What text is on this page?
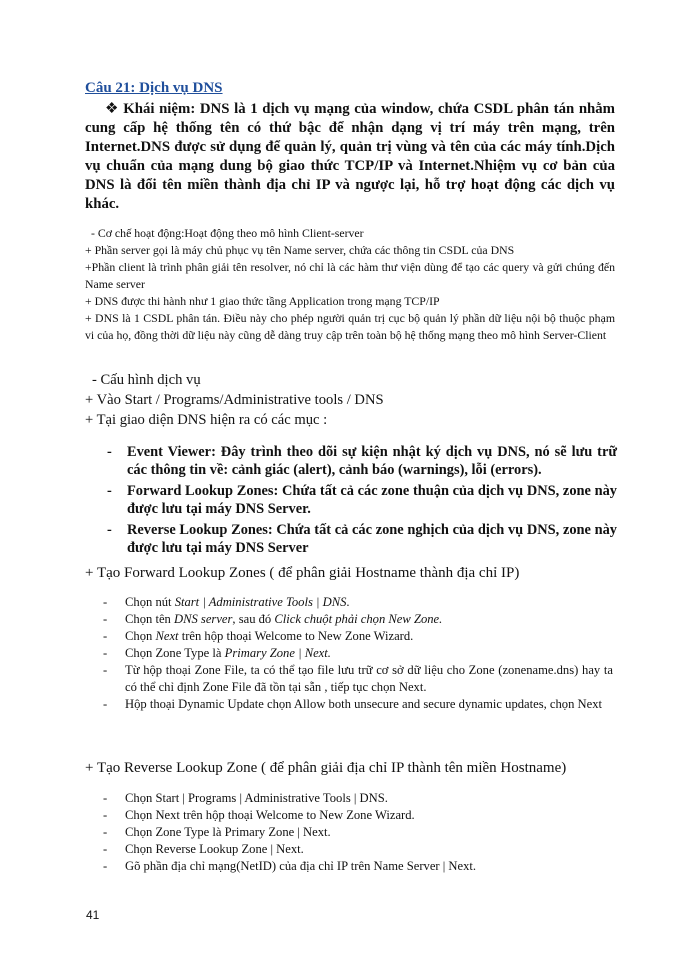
Câu 21: Dịch vụ DNS
❖ Khái niệm: DNS là 1 dịch vụ mạng của window, chứa CSDL phân tán nhằm cung cấp hệ thống tên có thứ bậc để nhận dạng vị trí máy trên mạng, trên Internet.DNS được sử dụng để quản lý, quản trị vùng và tên của các máy tính.Dịch vụ chuẩn của mạng dung bộ giao thức TCP/IP và Internet.Nhiệm vụ cơ bản của DNS là đổi tên miền thành địa chỉ IP và ngược lại, hỗ trợ hoạt động các dịch vụ khác.
- Cơ chế hoạt động:Hoạt động theo mô hình Client-server
+ Phần server gọi là máy chủ phục vụ tên Name server, chứa các thông tin CSDL của DNS
+Phần client là trình phân giải tên resolver, nó chỉ là các hàm thư viện dùng để tạo các query và gửi chúng đến Name server
+ DNS được thi hành như 1 giao thức tầng Application trong mạng TCP/IP
+ DNS là 1 CSDL phân tán. Điều này cho phép người quản trị cục bộ quản lý phần dữ liệu nội bộ thuộc phạm vi của họ, đồng thời dữ liệu này cũng dễ dàng truy cập trên toàn bộ hệ thống mạng theo mô hình Server-Client
- Cấu hình dịch vụ
+ Vào Start / Programs/Administrative tools / DNS
+ Tại giao diện DNS hiện ra có các mục :
-	Event Viewer: Đây trình theo dõi sự kiện nhật ký dịch vụ DNS, nó sẽ lưu trữ các thông tin về: cảnh giác (alert), cảnh báo (warnings), lỗi (errors).
-	Forward Lookup Zones: Chứa tất cả các zone thuận của dịch vụ DNS, zone này được lưu tại máy DNS Server.
-	Reverse Lookup Zones: Chứa tất cả các zone nghịch của dịch vụ DNS, zone này được lưu tại máy DNS Server
+ Tạo Forward Lookup Zones ( để phân giải Hostname thành địa chỉ IP)
-	Chọn nút Start | Administrative Tools | DNS.
-	Chọn tên DNS server, sau đó Click chuột phải chọn New Zone.
-	Chọn Next trên hộp thoại Welcome to New Zone Wizard.
-	Chọn Zone Type là Primary Zone | Next.
-	Từ hộp thoại Zone File, ta có thể tạo file lưu trữ cơ sở dữ liệu cho Zone (zonename.dns) hay ta có thể chỉ định Zone File đã tồn tại sẵn , tiếp tục chọn Next.
-	Hộp thoại Dynamic Update chọn Allow both unsecure and secure dynamic updates, chọn Next
+ Tạo Reverse Lookup Zone ( để phân giải địa chỉ IP thành tên miền Hostname)
-	Chọn Start | Programs | Administrative Tools | DNS.
-	Chọn Next trên hộp thoại Welcome to New Zone Wizard.
-	Chọn Zone Type là Primary Zone | Next.
-	Chọn Reverse Lookup Zone | Next.
-	Gõ phần địa chỉ mạng(NetID) của địa chỉ IP trên Name Server | Next.
41
